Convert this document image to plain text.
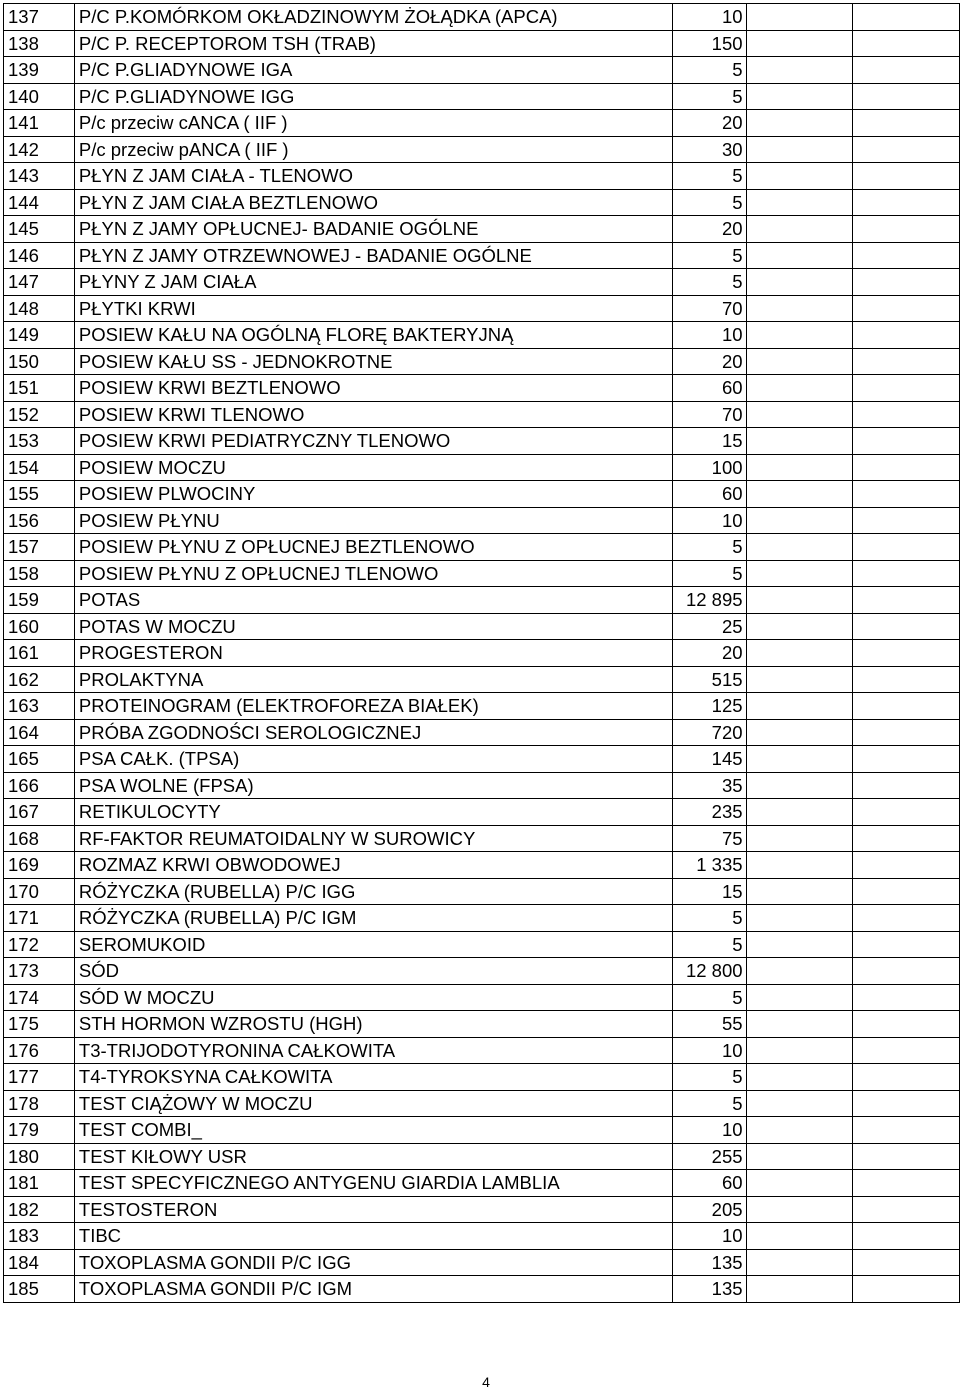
137	P/C P.KOMÓRKOM OKŁADZINOWYM ŻOŁĄDKA (APCA)	10		
138	P/C P. RECEPTOROM TSH (TRAB)	150		
139	P/C P.GLIADYNOWE IGA	5		
140	P/C P.GLIADYNOWE IGG	5		
141	P/c przeciw cANCA ( IIF )	20		
142	P/c przeciw pANCA ( IIF )	30		
143	PŁYN Z JAM CIAŁA - TLENOWO	5		
144	PŁYN Z JAM CIAŁA BEZTLENOWO	5		
145	PŁYN Z JAMY OPŁUCNEJ- BADANIE OGÓLNE	20		
146	PŁYN Z JAMY OTRZEWNOWEJ - BADANIE OGÓLNE	5		
147	PŁYNY Z JAM CIAŁA	5		
148	PŁYTKI KRWI	70		
149	POSIEW KAŁU NA OGÓLNĄ FLORĘ BAKTERYJNĄ	10		
150	POSIEW KAŁU SS - JEDNOKROTNE	20		
151	POSIEW KRWI BEZTLENOWO	60		
152	POSIEW KRWI TLENOWO	70		
153	POSIEW KRWI PEDIATRYCZNY TLENOWO	15		
154	POSIEW MOCZU	100		
155	POSIEW PLWOCINY	60		
156	POSIEW PŁYNU	10		
157	POSIEW PŁYNU Z OPŁUCNEJ BEZTLENOWO	5		
158	POSIEW PŁYNU Z OPŁUCNEJ TLENOWO	5		
159	POTAS	12 895		
160	POTAS W MOCZU	25		
161	PROGESTERON	20		
162	PROLAKTYNA	515		
163	PROTEINOGRAM (ELEKTROFOREZA BIAŁEK)	125		
164	PRÓBA ZGODNOŚCI SEROLOGICZNEJ	720		
165	PSA CAŁK. (TPSA)	145		
166	PSA WOLNE (FPSA)	35		
167	RETIKULOCYTY	235		
168	RF-FAKTOR REUMATOIDALNY W SUROWICY	75		
169	ROZMAZ KRWI OBWODOWEJ	1 335		
170	RÓŻYCZKA (RUBELLA) P/C IGG	15		
171	RÓŻYCZKA (RUBELLA) P/C IGM	5		
172	SEROMUKOID	5		
173	SÓD	12 800		
174	SÓD W MOCZU	5		
175	STH HORMON WZROSTU (HGH)	55		
176	T3-TRIJODOTYRONINA CAŁKOWITA	10		
177	T4-TYROKSYNA CAŁKOWITA	5		
178	TEST CIĄŻOWY W MOCZU	5		
179	TEST COMBI_	10		
180	TEST KIŁOWY USR	255		
181	TEST SPECYFICZNEGO ANTYGENU GIARDIA LAMBLIA	60		
182	TESTOSTERON	205		
183	TIBC	10		
184	TOXOPLASMA GONDII P/C IGG	135		
185	TOXOPLASMA GONDII P/C IGM	135		
4
